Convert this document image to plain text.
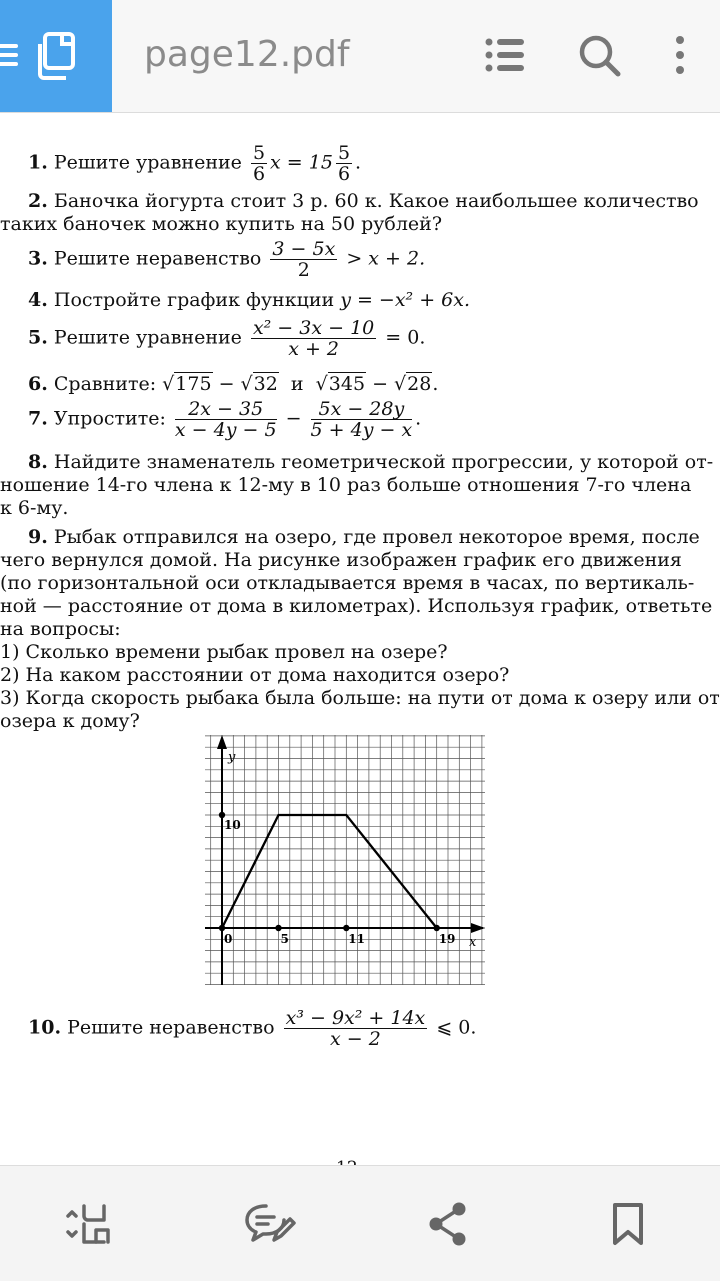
page12.pdf
1. Решите уравнение $\frac{5}{6}$ $x = 15 \frac{5}{6}$ .
2. Баночка йогурта стоит 3 р. 60 к. Какое наибольшее количество
таких баночек можно купить на 50 рублей?
3. Решите неравенство $\frac{3 - 5x}{2} > x + 2$.
4. Постройте график функции y = −x² + 6x.
5. Решите уравнение $\frac{\text{x² − 3x − 10}}{x + 2} = 0$.
6. Сравните: √175 − √32 и  √345 − √28.
7. Упростите: $\frac{2x - 35}{x - 4y - 5} - \frac{5x - 28y}{5 + 4y - x}$ .
8. Найдите знаменатель геометрической прогрессии, у которой от-
ношение 14-го члена к 12-му в 10 раз больше отношения 7-го члена
к 6-му.
9. Рыбак отправился на озеро, где провел некоторое время, после
чего вернулся домой. На рисунке изображен график его движения
(по горизонтальной оси откладывается время в часах, по вертикаль-
ной — расстояние от дома в километрах). Используя график, ответьте
на вопросы:
1) Сколько времени рыбак провел на озере?
2) На каком расстоянии от дома находится озеро?
3) Когда скорость рыбака была больше: на пути от дома к озеру или от
озера к дому?
x
y
0	5	11	19
10
10. Решите неравенство $\frac{\text{x³ − 9x² + 14x}}{x - 2}$ ⩽ 0.
